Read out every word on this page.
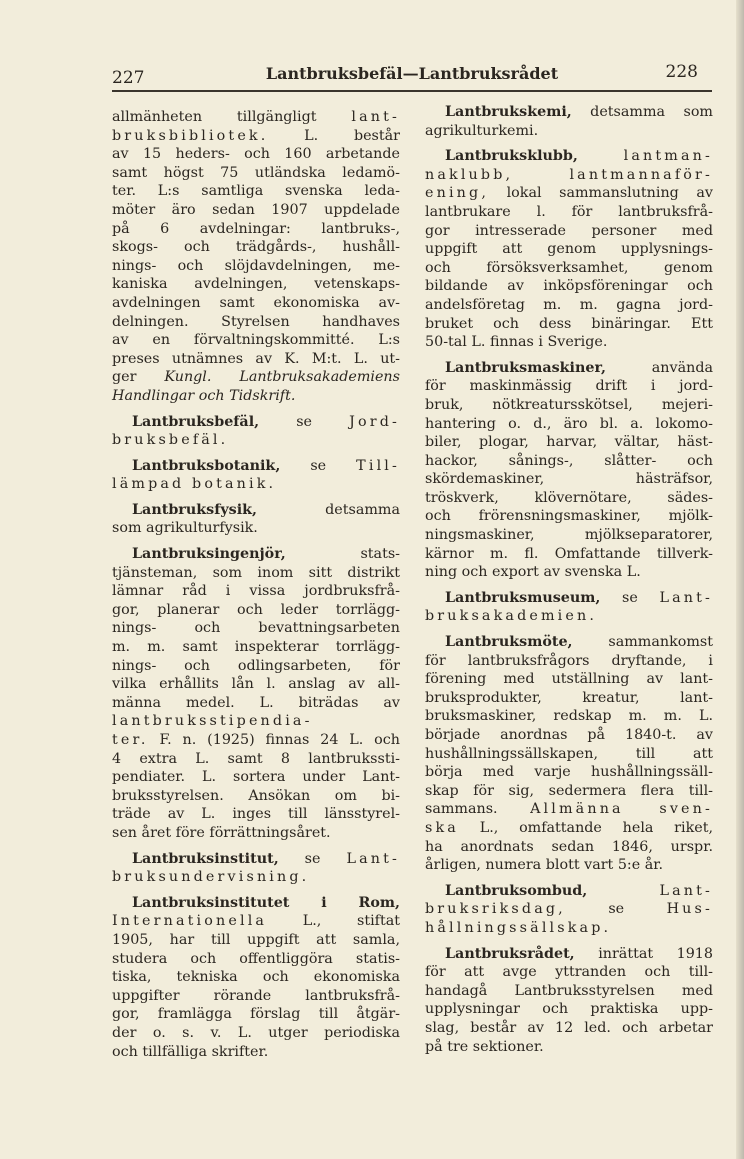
227	Lantbruksbefäl—Lantbruksrådet	228
allmänheten tillgängligt lant-
bruksbibliotek. L. består
av 15 heders- och 160 arbetande
samt högst 75 utländska ledamö-
ter. L:s samtliga svenska leda-
möter äro sedan 1907 uppdelade
på 6 avdelningar: lantbruks-,
skogs- och trädgårds-, hushåll-
nings- och slöjdavdelningen, me-
kaniska avdelningen, vetenskaps-
avdelningen samt ekonomiska av-
delningen. Styrelsen handhaves
av en förvaltningskommitté. L:s
preses utnämnes av K. M:t. L. ut-
ger Kungl. Lantbruksakademiens
Handlingar och Tidskrift.
Lantbruksbefäl, se Jord-
bruksbefäl.
Lantbruksbotanik, se Till-
lämpad botanik.
Lantbruksfysik, detsamma
som agrikulturfysik.
Lantbruksingenjör, stats-
tjänsteman, som inom sitt distrikt
lämnar råd i vissa jordbruksfrå-
gor, planerar och leder torrlägg-
nings- och bevattningsarbeten
m. m. samt inspekterar torrlägg-
nings- och odlingsarbeten, för
vilka erhållits lån l. anslag av all-
männa medel. L. biträdas av
lantbruksstipendia-
ter. F. n. (1925) finnas 24 L. och
4 extra L. samt 8 lantbrukssti-
pendiater. L. sortera under Lant-
bruksstyrelsen. Ansökan om bi-
träde av L. inges till länsstyrel-
sen året före förrättningsåret.
Lantbruksinstitut, se Lant-
bruksundervisning.
Lantbruksinstitutet i Rom,
Internationella L., stiftat
1905, har till uppgift att samla,
studera och offentliggöra statis-
tiska, tekniska och ekonomiska
uppgifter rörande lantbruksfrå-
gor, framlägga förslag till åtgär-
der o. s. v. L. utger periodiska
och tillfälliga skrifter.
Lantbrukskemi, detsamma som
agrikulturkemi.
Lantbruksklubb,	lantman-
naklubb,	lantmannaför-
ening, lokal sammanslutning av
lantbrukare l. för lantbruksfrå-
gor intresserade personer med
uppgift att genom upplysnings-
och försöksverksamhet, genom
bildande av inköpsföreningar och
andelsföretag m. m. gagna jord-
bruket och dess binäringar. Ett
50-tal L. finnas i Sverige.
Lantbruksmaskiner, använda
för maskinmässig drift i jord-
bruk, nötkreatursskötsel, mejeri-
hantering o. d., äro bl. a. lokomo-
biler, plogar, harvar, vältar, häst-
hackor, sånings-, slåtter- och
skördemaskiner, hästräfsor,
tröskverk, klövernötare, sädes-
och frörensningsmaskiner, mjölk-
ningsmaskiner, mjölkseparatorer,
kärnor m. fl. Omfattande tillverk-
ning och export av svenska L.
Lantbruksmuseum, se Lant-
bruksakademien.
Lantbruksmöte, sammankomst
för lantbruksfrågors dryftande, i
förening med utställning av lant-
bruksprodukter, kreatur, lant-
bruksmaskiner, redskap m. m. L.
började anordnas på 1840-t. av
hushållningssällskapen, till att
börja med varje hushållningssäll-
skap för sig, sedermera flera till-
sammans. Allmänna sven-
ska L., omfattande hela riket,
ha anordnats sedan 1846, urspr.
årligen, numera blott vart 5:e år.
Lantbruksombud,	Lant-
bruksriksdag, se Hus-
hållningssällskap.
Lantbruksrådet, inrättat 1918
för att avge yttranden och till-
handagå Lantbruksstyrelsen med
upplysningar och praktiska upp-
slag, består av 12 led. och arbetar
på tre sektioner.
